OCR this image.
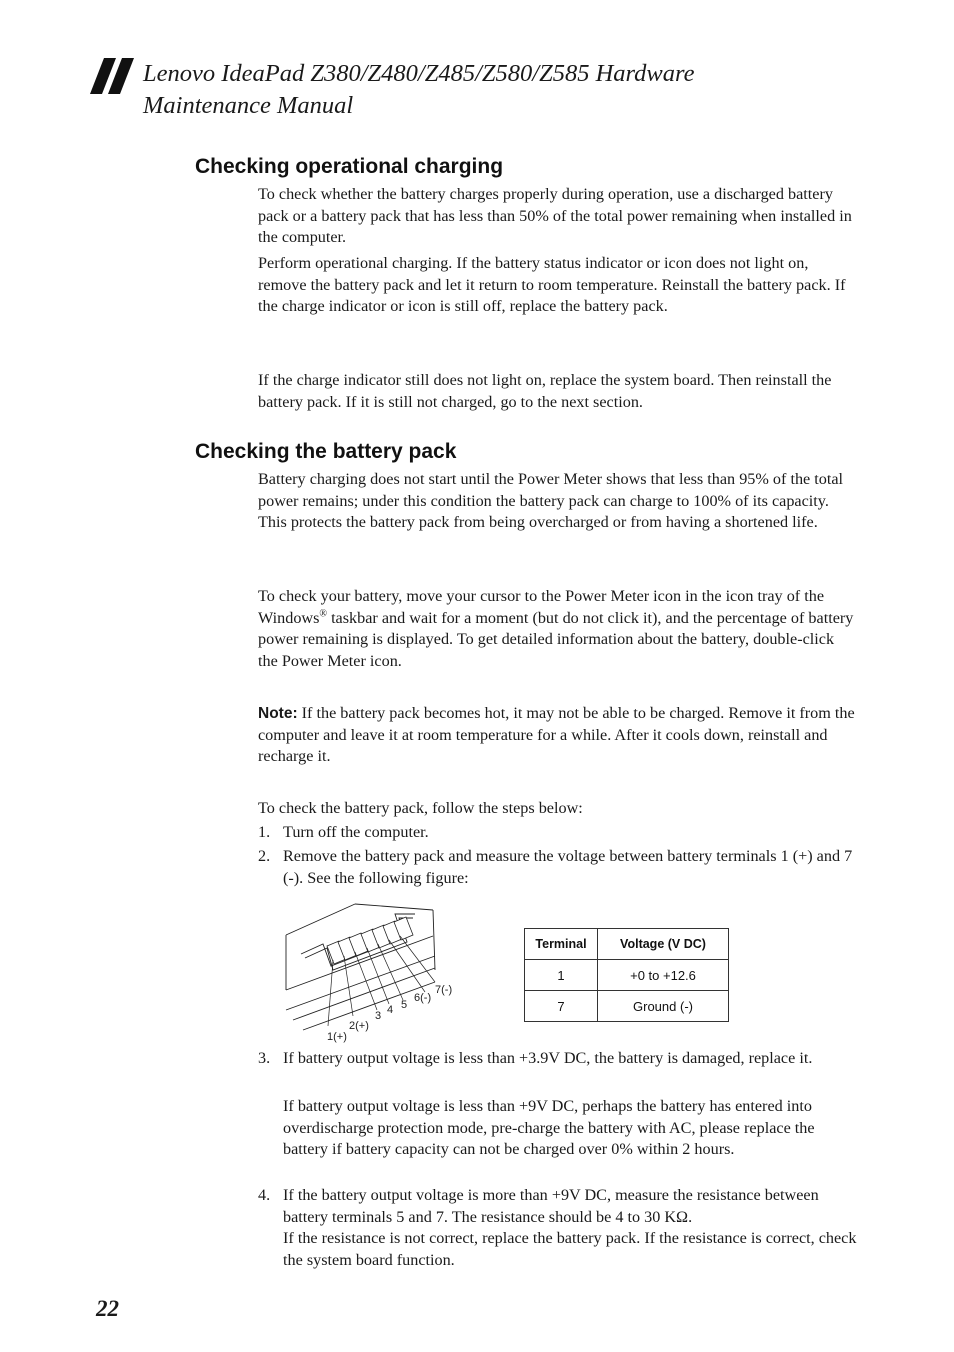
Lenovo IdeaPad Z380/Z480/Z485/Z580/Z585 Hardware
Maintenance Manual
Checking operational charging

To check whether the battery charges properly during operation, use a discharged battery pack or a battery pack that has less than 50% of the total power remaining when installed in the computer.

Perform operational charging. If the battery status indicator or icon does not light on, remove the battery pack and let it return to room temperature. Reinstall the battery pack. If the charge indicator or icon is still off, replace the battery pack.

If the charge indicator still does not light on, replace the system board. Then reinstall the battery pack. If it is still not charged, go to the next section.

Checking the battery pack

Battery charging does not start until the Power Meter shows that less than 95% of the total power remains; under this condition the battery pack can charge to 100% of its capacity. This protects the battery pack from being overcharged or from having a shortened life.

To check your battery, move your cursor to the Power Meter icon in the icon tray of the Windows® taskbar and wait for a moment (but do not click it), and the percentage of battery power remaining is displayed. To get detailed information about the battery, double-click the Power Meter icon.

Note: If the battery pack becomes hot, it may not be able to be charged. Remove it from the computer and leave it at room temperature for a while. After it cools down, reinstall and recharge it.

To check the battery pack, follow the steps below:

1. Turn off the computer.

2. Remove the battery pack and measure the voltage between battery terminals 1 (+) and 7 (-). See the following figure:

1(+)
2(+)
3 4 5
6(-)
7(-)
Terminal	Voltage (V DC)
1	+0 to +12.6
7	Ground (-)
3. If battery output voltage is less than +3.9V DC, the battery is damaged, replace it.

If battery output voltage is less than +9V DC, perhaps the battery has entered into overdischarge protection mode, pre-charge the battery with AC, please replace the battery if battery capacity can not be charged over 0% within 2 hours.

4. If the battery output voltage is more than +9V DC, measure the resistance between battery terminals 5 and 7. The resistance should be 4 to 30 KΩ.

If the resistance is not correct, replace the battery pack. If the resistance is correct, check the system board function.

22
